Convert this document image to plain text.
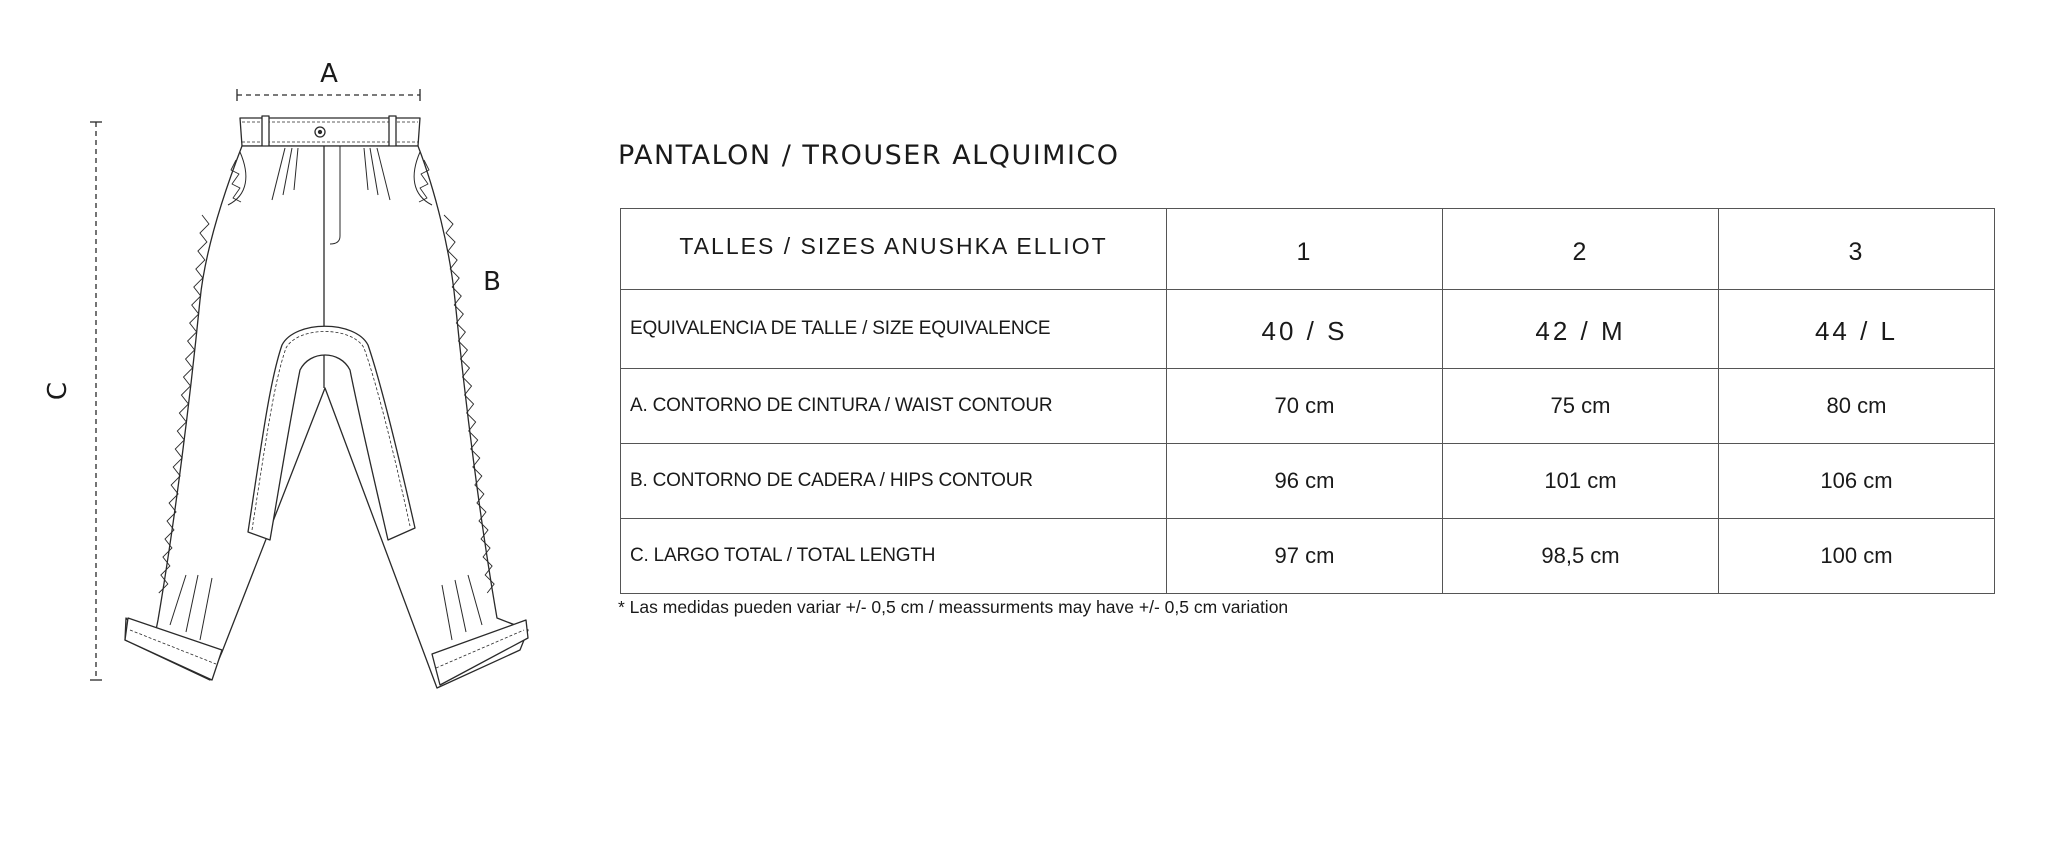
A
B
C
PANTALON / TROUSER ALQUIMICO
TALLES / SIZES ANUSHKA ELLIOT	1	2	3
EQUIVALENCIA DE TALLE / SIZE EQUIVALENCE	40 / S	42 / M	44 / L
A. CONTORNO DE CINTURA / WAIST CONTOUR	70 cm	75 cm	80 cm
B. CONTORNO DE CADERA / HIPS CONTOUR	96 cm	101 cm	106 cm
C. LARGO TOTAL / TOTAL LENGTH	97 cm	98,5 cm	100 cm
* Las medidas pueden variar +/- 0,5 cm / meassurments may have +/- 0,5 cm variation
